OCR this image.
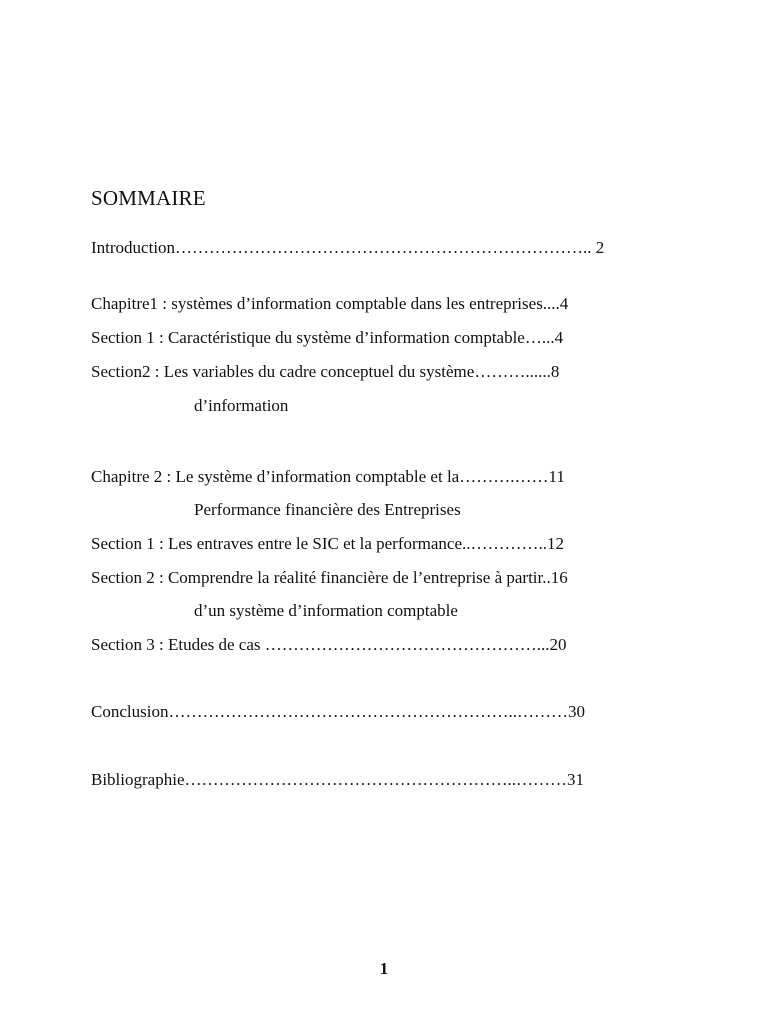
SOMMAIRE
Introduction……………………………………………………………….. 2
Chapitre1 : systèmes d’information comptable dans les entreprises....4
Section 1 : Caractéristique du système d’information comptable…...4
Section2 : Les variables du cadre conceptuel du système………......8
d’information
Chapitre 2 : Le système d’information comptable et la……….……11
Performance financière des Entreprises
Section 1 : Les entraves entre le SIC et la performance..…………..12
Section 2 : Comprendre la réalité financière de l’entreprise à partir..16
d’un système d’information comptable
Section 3 : Etudes de cas …………………………………………...20
Conclusion……………………………………………………..………30
Bibliographie…………………………………………………..………31
1
